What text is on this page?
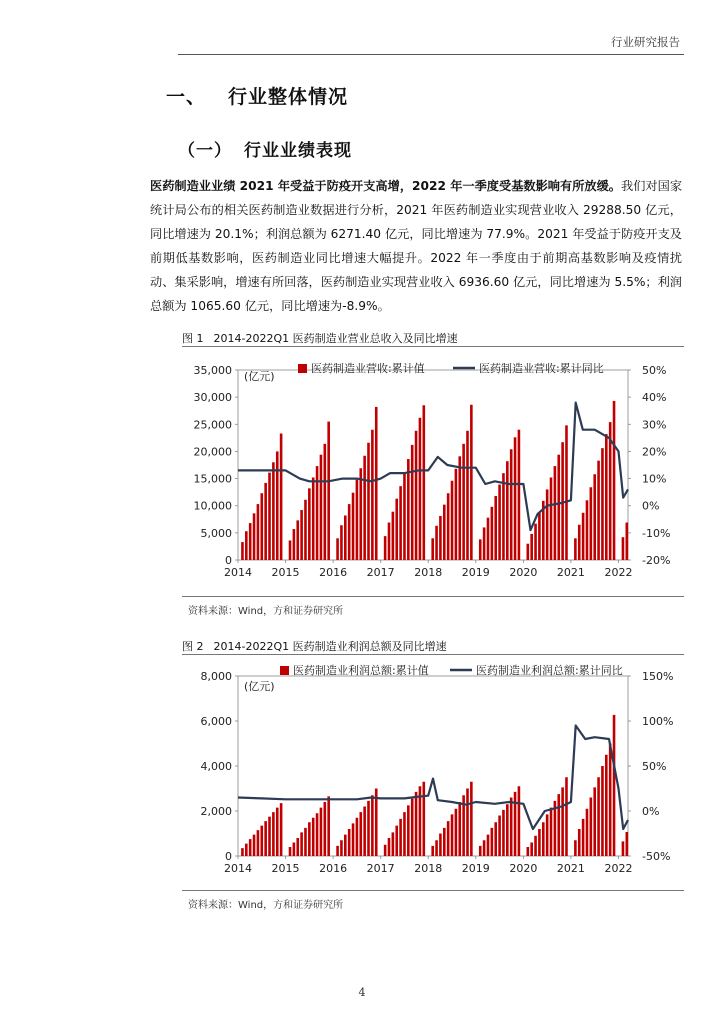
行业研究报告
一、 行业整体情况
（一） 行业业绩表现
医药制造业业绩 2021 年受益于防疫开支高增，2022 年一季度受基数影响有所放缓。我们对国家统计局公布的相关医药制造业数据进行分析，2021 年医药制造业实现营业收入 29288.50 亿元，同比增速为 20.1%；利润总额为 6271.40 亿元，同比增速为 77.9%。2021 年受益于防疫开支及前期低基数影响，医药制造业同比增速大幅提升。2022 年一季度由于前期高基数影响及疫情扰动、集采影响，增速有所回落，医药制造业实现营业收入 6936.60 亿元，同比增速为 5.5%；利润总额为 1065.60 亿元，同比增速为-8.9%。
图 1 2014-2022Q1 医药制造业营业总收入及同比增速
0
5,000
10,000
15,000
20,000
25,000
30,000
35,000
-20%
-10%
0%
10%
20%
30%
40%
50%
2014 2015 2016 2017 2018 2019 2020 2021 2022
(亿元)
医药制造业营收:累计值	医药制造业营收:累计同比
资料来源：Wind，方和证券研究所
图 2 2014-2022Q1 医药制造业利润总额及同比增速
0
2,000
4,000
6,000
8,000
-50%
0%
50%
100%
150%
2014 2015 2016 2017 2018 2019 2020 2021 2022
(亿元)
医药制造业利润总额:累计值	医药制造业利润总额:累计同比
资料来源：Wind，方和证券研究所
4
